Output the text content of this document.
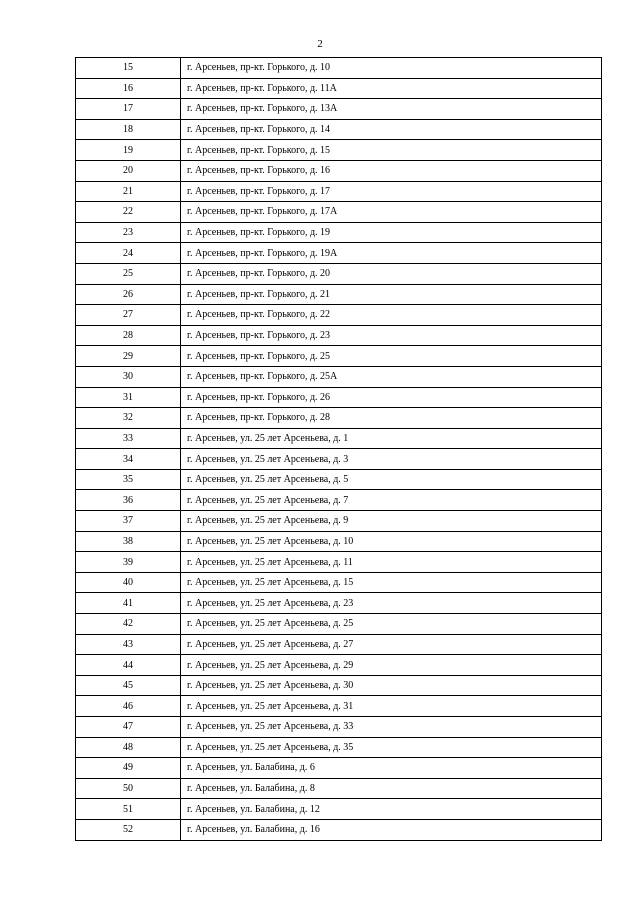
2
15	г. Арсеньев, пр-кт. Горького, д. 10
16	г. Арсеньев, пр-кт. Горького, д. 11А
17	г. Арсеньев, пр-кт. Горького, д. 13А
18	г. Арсеньев, пр-кт. Горького, д. 14
19	г. Арсеньев, пр-кт. Горького, д. 15
20	г. Арсеньев, пр-кт. Горького, д. 16
21	г. Арсеньев, пр-кт. Горького, д. 17
22	г. Арсеньев, пр-кт. Горького, д. 17А
23	г. Арсеньев, пр-кт. Горького, д. 19
24	г. Арсеньев, пр-кт. Горького, д. 19А
25	г. Арсеньев, пр-кт. Горького, д. 20
26	г. Арсеньев, пр-кт. Горького, д. 21
27	г. Арсеньев, пр-кт. Горького, д. 22
28	г. Арсеньев, пр-кт. Горького, д. 23
29	г. Арсеньев, пр-кт. Горького, д. 25
30	г. Арсеньев, пр-кт. Горького, д. 25А
31	г. Арсеньев, пр-кт. Горького, д. 26
32	г. Арсеньев, пр-кт. Горького, д. 28
33	г. Арсеньев, ул. 25 лет Арсеньева, д. 1
34	г. Арсеньев, ул. 25 лет Арсеньева, д. 3
35	г. Арсеньев, ул. 25 лет Арсеньева, д. 5
36	г. Арсеньев, ул. 25 лет Арсеньева, д. 7
37	г. Арсеньев, ул. 25 лет Арсеньева, д. 9
38	г. Арсеньев, ул. 25 лет Арсеньева, д. 10
39	г. Арсеньев, ул. 25 лет Арсеньева, д. 11
40	г. Арсеньев, ул. 25 лет Арсеньева, д. 15
41	г. Арсеньев, ул. 25 лет Арсеньева, д. 23
42	г. Арсеньев, ул. 25 лет Арсеньева, д. 25
43	г. Арсеньев, ул. 25 лет Арсеньева, д. 27
44	г. Арсеньев, ул. 25 лет Арсеньева, д. 29
45	г. Арсеньев, ул. 25 лет Арсеньева, д. 30
46	г. Арсеньев, ул. 25 лет Арсеньева, д. 31
47	г. Арсеньев, ул. 25 лет Арсеньева, д. 33
48	г. Арсеньев, ул. 25 лет Арсеньева, д. 35
49	г. Арсеньев, ул. Балабина, д. 6
50	г. Арсеньев, ул. Балабина, д. 8
51	г. Арсеньев, ул. Балабина, д. 12
52	г. Арсеньев, ул. Балабина, д. 16
